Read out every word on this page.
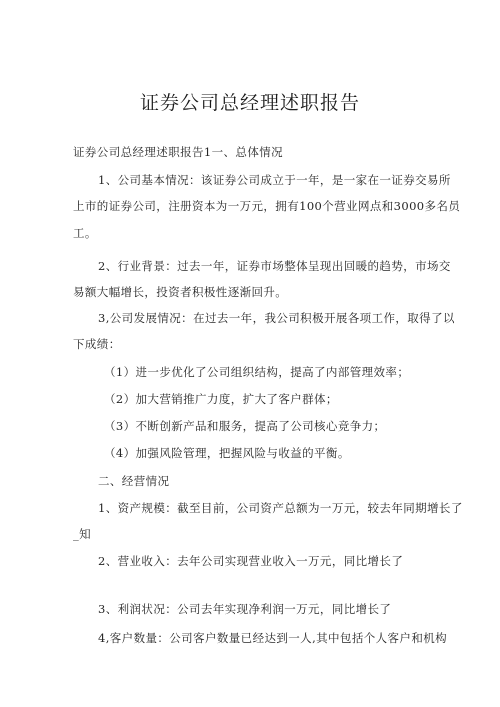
证券公司总经理述职报告
证券公司总经理述职报告1一、总体情况
1、公司基本情况：该证券公司成立于一年，是一家在一证券交易所
上市的证券公司，注册资本为一万元，拥有100个营业网点和3000多名员
工。
2、行业背景：过去一年，证券市场整体呈现出回暖的趋势，市场交
易额大幅增长，投资者积极性逐渐回升。
3,公司发展情况：在过去一年，我公司积极开展各项工作，取得了以
下成绩：
（1）进一步优化了公司组织结构，提高了内部管理效率；
（2）加大营销推广力度，扩大了客户群体；
（3）不断创新产品和服务，提高了公司核心竞争力；
（4）加强风险管理，把握风险与收益的平衡。
二、经营情况
1、资产规模：截至目前，公司资产总额为一万元，较去年同期增长了
_知
2、营业收入：去年公司实现营业收入一万元，同比增长了
3、利润状况：公司去年实现净利润一万元，同比增长了
4,客户数量：公司客户数量已经达到一人,其中包括个人客户和机构
